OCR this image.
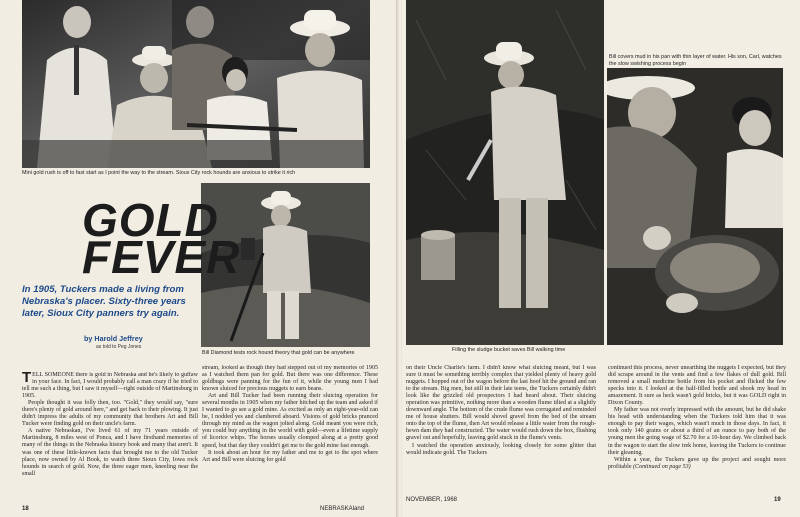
Mini gold rush is off to fast start as I point the way to the stream. Sioux City rock hounds are anxious to strike it rich
Bill Diamond tests rock hound theory that gold can be anywhere
GOLD
FEVER
In 1905, Tuckers made a living from Nebraska's placer. Sixty-three years later, Sioux City panners try again.
by Harold Jeffrey
as told to Peg Jones

TELL SOMEONE there is gold in Nebraska and he's likely to guffaw in your face. In fact, I would probably call a man crazy if he tried to tell me such a thing, but I saw it myself—right outside of Martinsburg in 1905.

People thought it was folly then, too. "Gold," they would say, "sure there's plenty of gold around here," and get back to their plowing. It just didn't impress the adults of my community that brothers Art and Bill Tucker were finding gold on their uncle's farm.

A native Nebraskan, I've lived 61 of my 71 years outside of Martinsburg, 8 miles west of Ponca, and I have firsthand memories of many of the things in the Nebraska history book and many that aren't. It was one of these little-known facts that brought me to the old Tucker place, now owned by Al Book, to watch three Sioux City, Iowa rock hounds in search of gold. Now, the three eager men, kneeling near the small

stream, looked as though they had stepped out of my memories of 1905 as I watched them pan for gold. But there was one difference. These goldbugs were panning for the fun of it, while the young men I had known sluiced for precious nuggets to earn beans.

Art and Bill Tucker had been running their sluicing operation for several months in 1905 when my father hitched up the team and asked if I wanted to go see a gold mine. As excited as only an eight-year-old can be, I nodded yes and clambered aboard. Visions of gold bricks pranced through my mind as the wagon jolted along. Gold meant you were rich, you could buy anything in the world with gold—even a lifetime supply of licorice whips. The horses usually clomped along at a pretty good speed, but that day they couldn't get me to the gold mine fast enough.

It took about an hour for my father and me to get to the spot where Art and Bill were sluicing for gold

18	NEBRASKAland
Filling the sludge bucket saves Bill walking time
Bill covers mud in his pan with thin layer of water. His son, Carl, watches the slow swishing process begin

on their Uncle Charlie's farm. I didn't know what sluicing meant, but I was sure it must be something terribly complex that yielded plenty of heavy gold nuggets. I hopped out of the wagon before the last hoof hit the ground and ran to the stream. Big men, but still in their late teens, the Tuckers certainly didn't look like the grizzled old prospectors I had heard about. Their sluicing operation was primitive, nothing more than a wooden flume tilted at a slightly downward angle. The bottom of the crude flume was corrugated and reminded me of house shutters. Bill would shovel gravel from the bed of the stream onto the top of the flume, then Art would release a little water from the rough-hewn dam they had constructed. The water would rush down the box, flushing gravel out and hopefully, leaving gold stuck in the flume's vents.

I watched the operation anxiously, looking closely for some glitter that would indicate gold. The Tuckers

continued this process, never unearthing the nuggets I expected, but they did scrape around in the vents and find a few flakes of dull gold. Bill removed a small medicine bottle from his pocket and flicked the few specks into it. I looked at the half-filled bottle and shook my head in amazement. It sure as heck wasn't gold bricks, but it was GOLD right in Dixon County.

My father was not overly impressed with the amount, but he did shake his head with understanding when the Tuckers told him that it was enough to pay their wages, which wasn't much in those days. In fact, it took only 140 grains or about a third of an ounce to pay both of the young men the going wage of $2.70 for a 10-hour day. We climbed back in the wagon to start the slow trek home, leaving the Tuckers to continue their gleaning.

Within a year, the Tuckers gave up the project and sought more profitable (Continued on page 53)

NOVEMBER, 1968	19
